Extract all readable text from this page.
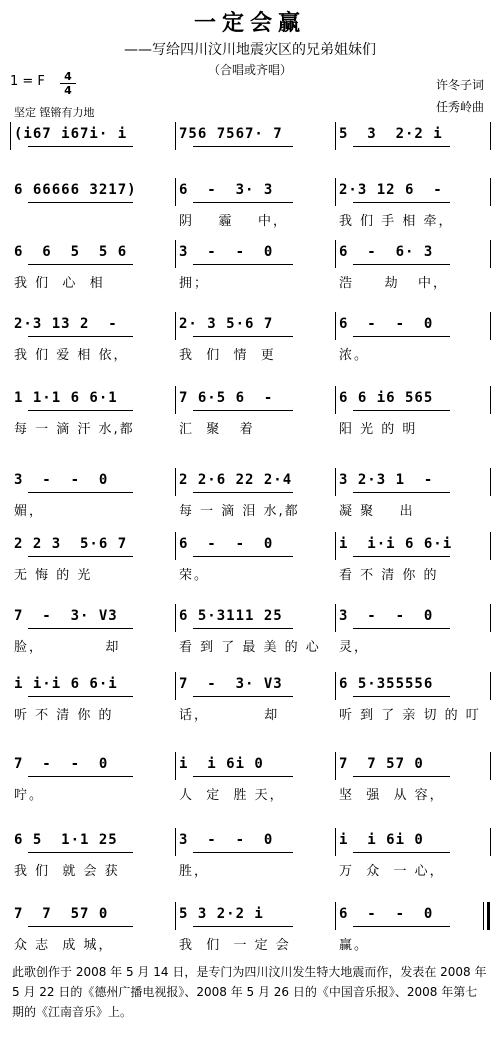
一定会赢
——写给四川汶川地震灾区的兄弟姐妹们
（合唱或齐唱）
1 = F	4
4
坚定 铿锵有力地
许冬子词
任秀岭曲
(i67 i67i· i	756 7567· 7	5  3  2·2 i
6 66666 3217)	6  -  3· 3	2·3 12 6  -
阴    霾    中，	我 们 手 相 牵，
6  6  5  5 6	3  -  -  0	6  -  6· 3
我 们  心  相	拥；	浩     劫   中，
2·3 13 2  -	2· 3 5·6 7	6  -  -  0
我 们 爱 相 依，	我  们  情  更	浓。
1 1·1 6 6·1	7 6·5 6  -	6 6 i6 565
每 一 滴 汗 水,都	汇  聚   着	阳 光 的 明
3  -  -  0	2 2·6 22 2·4	3 2·3 1  -
媚，	每 一 滴 泪 水,都	凝 聚    出
2 2 3  5·6 7	6  -  -  0	i  i·i 6 6·i
无 悔 的 光	荣。	看 不 清 你 的
7  -  3· V3	6 5·3111 25	3  -  -  0
脸，          却	看 到 了 最 美 的 心 灵，
i i·i 6 6·i	7  -  3· V3	6 5·355556
听 不 清 你 的	话，         却	听 到 了 亲 切 的 叮
7  -  -  0	i  i 6i 0	7  7 57 0
咛。	人  定  胜 天，	坚  强  从 容，
6 5  1·1 25	3  -  -  0	i  i 6i 0
我 们  就 会 获	胜，	万  众  一 心，
7  7  57 0	5 3 2·2 i	6  -  -  0
众 志  成 城，	我  们  一 定 会	赢。
此歌创作于 2008 年 5 月 14 日，是专门为四川汶川发生特大地震而作，发表在 2008 年 5 月 22 日的《德州广播电视报》、2008 年 5 月 26 日的《中国音乐报》、2008 年第七期的《江南音乐》上。
